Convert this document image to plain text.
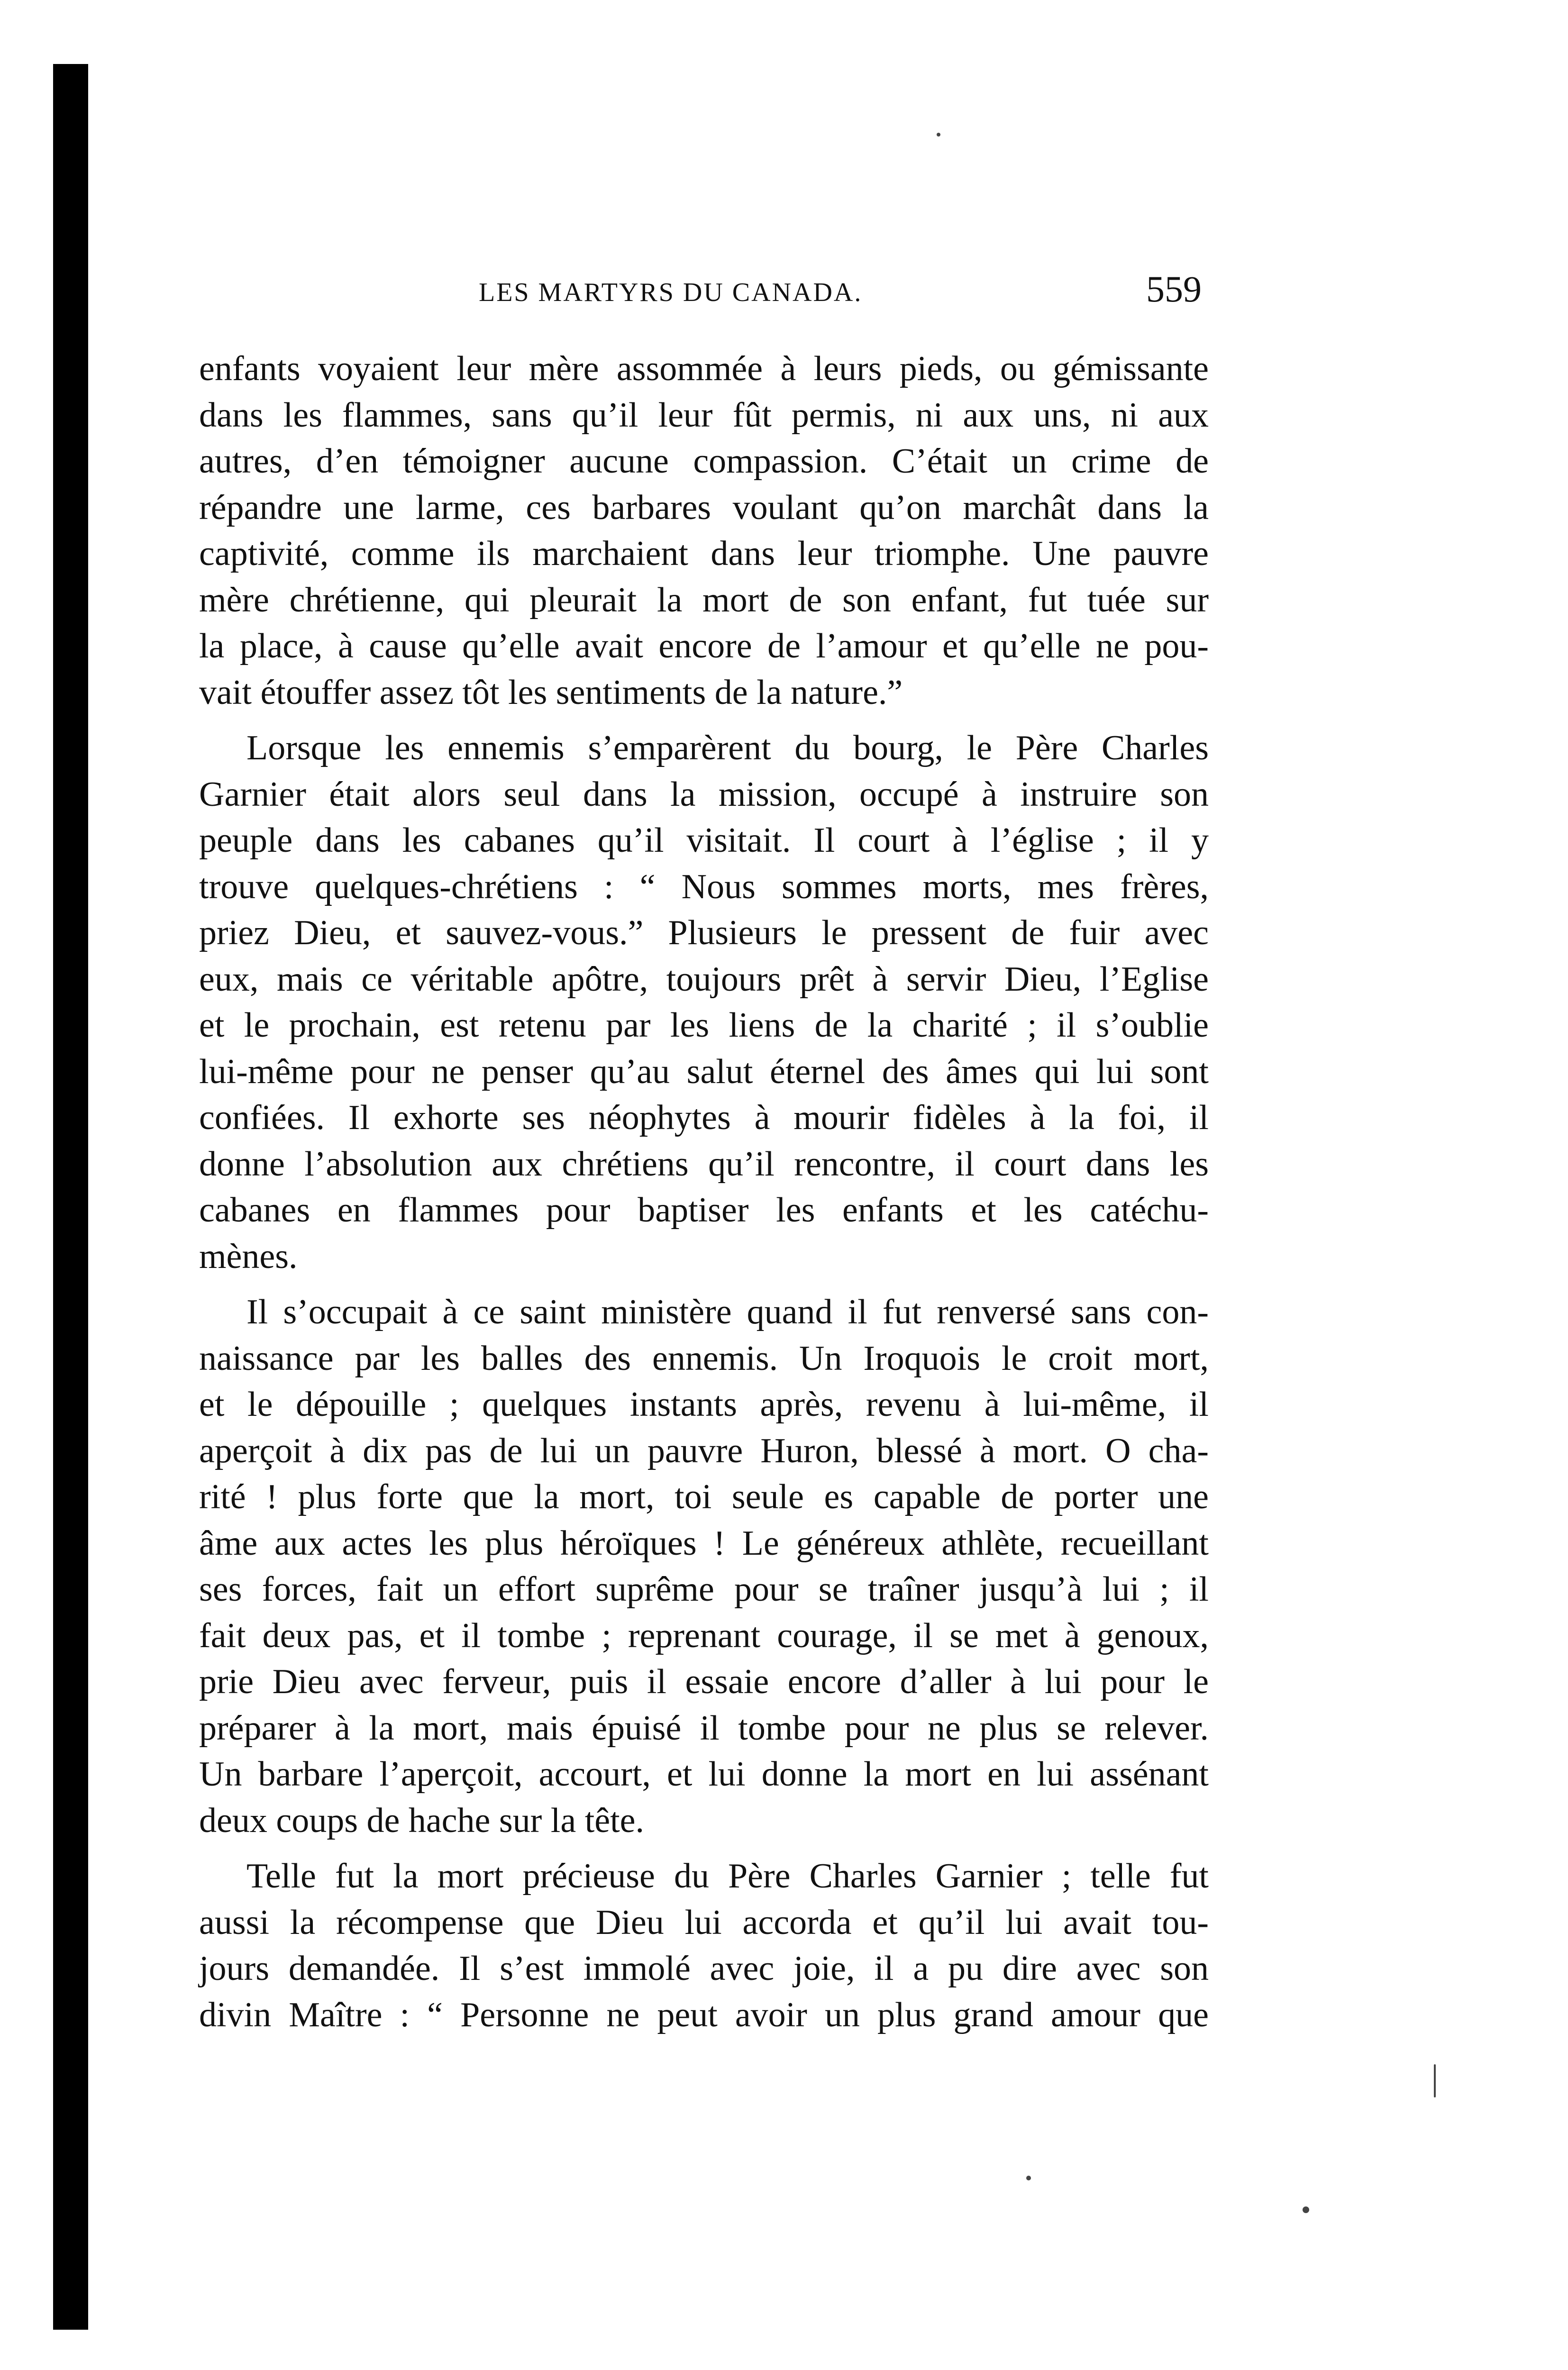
LES MARTYRS DU CANADA.	559
enfants voyaient leur mère assommée à leurs pieds, ou gémissante
dans les flammes, sans qu’il leur fût permis, ni aux uns, ni aux
autres, d’en témoigner aucune compassion. C’était un crime de
répandre une larme, ces barbares voulant qu’on marchât dans la
captivité, comme ils marchaient dans leur triomphe. Une pauvre
mère chrétienne, qui pleurait la mort de son enfant, fut tuée sur
la place, à cause qu’elle avait encore de l’amour et qu’elle ne pou-
vait étouffer assez tôt les sentiments de la nature.”
Lorsque les ennemis s’emparèrent du bourg, le Père Charles
Garnier était alors seul dans la mission, occupé à instruire son
peuple dans les cabanes qu’il visitait. Il court à l’église ; il y
trouve quelques-chrétiens : “ Nous sommes morts, mes frères,
priez Dieu, et sauvez-vous.” Plusieurs le pressent de fuir avec
eux, mais ce véritable apôtre, toujours prêt à servir Dieu, l’Eglise
et le prochain, est retenu par les liens de la charité ; il s’oublie
lui-même pour ne penser qu’au salut éternel des âmes qui lui sont
confiées. Il exhorte ses néophytes à mourir fidèles à la foi, il
donne l’absolution aux chrétiens qu’il rencontre, il court dans les
cabanes en flammes pour baptiser les enfants et les catéchu-
mènes.
Il s’occupait à ce saint ministère quand il fut renversé sans con-
naissance par les balles des ennemis. Un Iroquois le croit mort,
et le dépouille ; quelques instants après, revenu à lui-même, il
aperçoit à dix pas de lui un pauvre Huron, blessé à mort. O cha-
rité ! plus forte que la mort, toi seule es capable de porter une
âme aux actes les plus héroïques ! Le généreux athlète, recueillant
ses forces, fait un effort suprême pour se traîner jusqu’à lui ; il
fait deux pas, et il tombe ; reprenant courage, il se met à genoux,
prie Dieu avec ferveur, puis il essaie encore d’aller à lui pour le
préparer à la mort, mais épuisé il tombe pour ne plus se relever.
Un barbare l’aperçoit, accourt, et lui donne la mort en lui assénant
deux coups de hache sur la tête.
Telle fut la mort précieuse du Père Charles Garnier ; telle fut
aussi la récompense que Dieu lui accorda et qu’il lui avait tou-
jours demandée. Il s’est immolé avec joie, il a pu dire avec son
divin Maître : “ Personne ne peut avoir un plus grand amour que
